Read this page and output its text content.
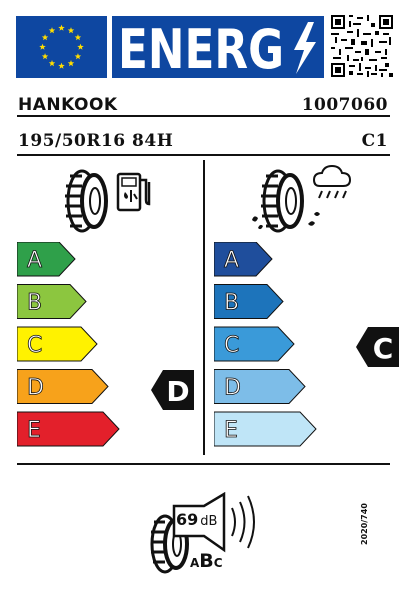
ENERG
HANKOOK	1007060
195/50R16 84H	C1
A
B
C
D
E
D
A
B
C
D
E
C
69 dB
ABC
2020/740
